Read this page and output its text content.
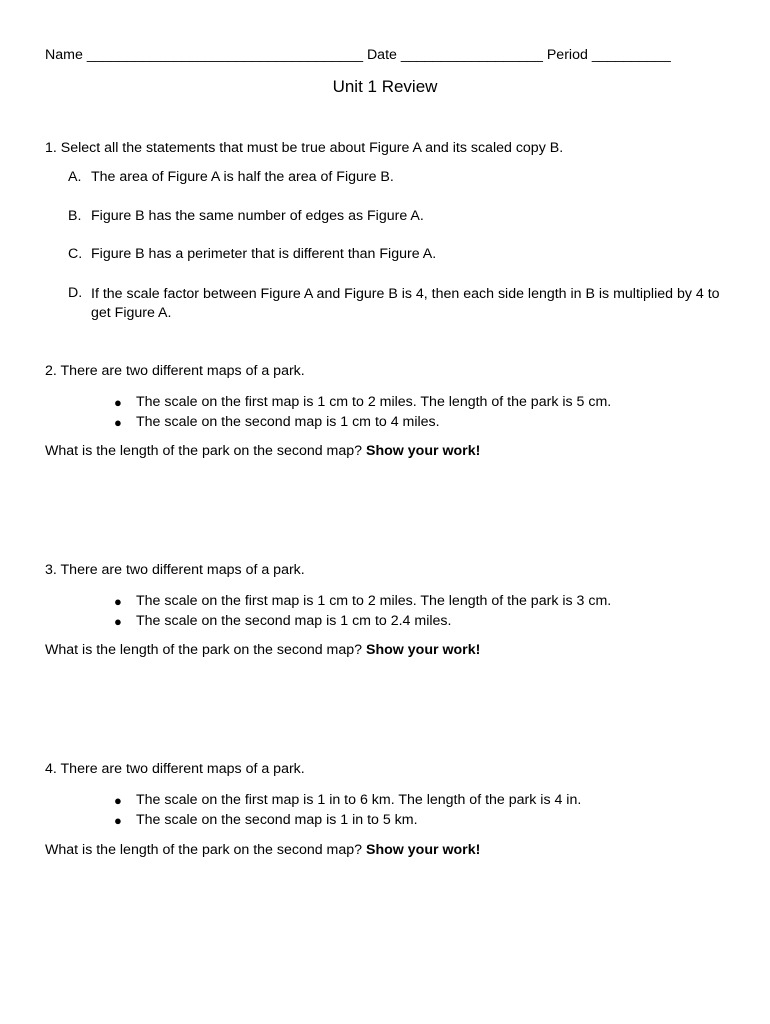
Name ___________________________________ Date __________________ Period __________
Unit 1 Review
1. Select all the statements that must be true about Figure A and its scaled copy B.
A. The area of Figure A is half the area of Figure B.
B. Figure B has the same number of edges as Figure A.
C. Figure B has a perimeter that is different than Figure A.
D. If the scale factor between Figure A and Figure B is 4, then each side length in B is multiplied by 4 to get Figure A.
2. There are two different maps of a park.
● The scale on the first map is 1 cm to 2 miles. The length of the park is 5 cm.
● The scale on the second map is 1 cm to 4 miles.
What is the length of the park on the second map? Show your work!
3. There are two different maps of a park.
● The scale on the first map is 1 cm to 2 miles. The length of the park is 3 cm.
● The scale on the second map is 1 cm to 2.4 miles.
What is the length of the park on the second map? Show your work!
4. There are two different maps of a park.
● The scale on the first map is 1 in to 6 km. The length of the park is 4 in.
● The scale on the second map is 1 in to 5 km.
What is the length of the park on the second map? Show your work!
